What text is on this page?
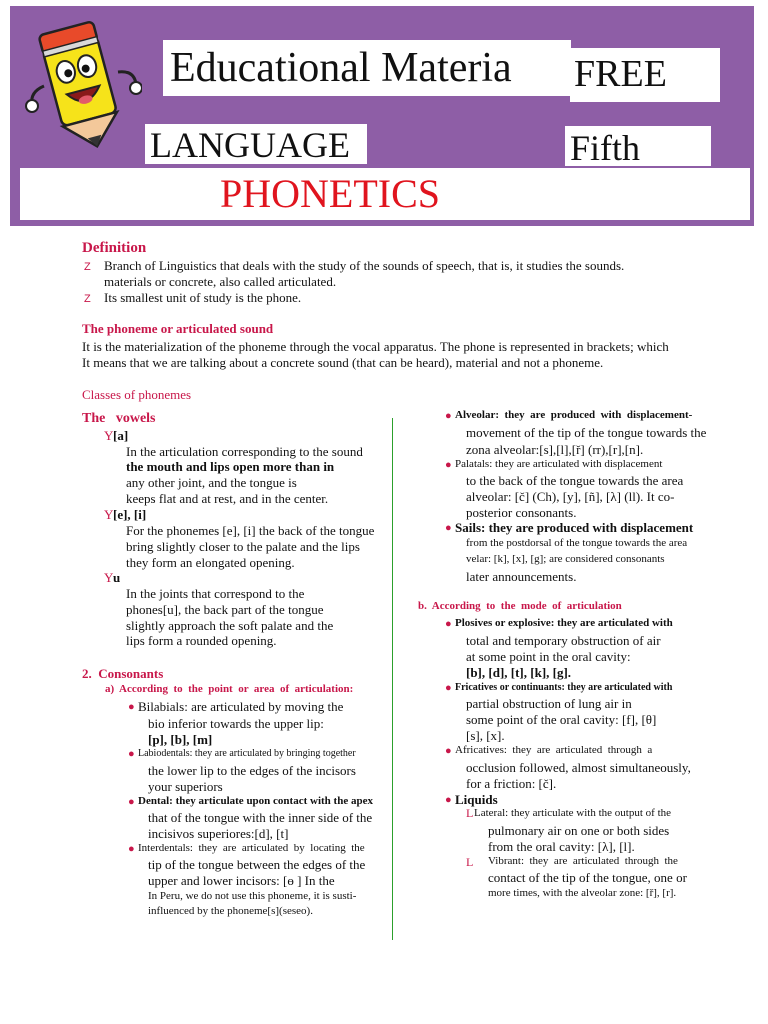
Educational Materia FREE
LANGUAGE	Fifth
PHONETICS
Definition
Z Branch of Linguistics that deals with the study of the sounds of speech, that is, it studies the sounds.
materials or concrete, also called articulated.
Z Its smallest unit of study is the phone.
The phoneme or articulated sound
It is the materialization of the phoneme through the vocal apparatus. The phone is represented in brackets; which
It means that we are talking about a concrete sound (that can be heard), material and not a phoneme.
Classes of phonemes
The   vowels
Y [a]
In the articulation corresponding to the sound
the mouth and lips open more than in
any other joint, and the tongue is
keeps flat and at rest, and in the center.
Y [e], [i]
For the phonemes [e], [i] the back of the tongue
bring slightly closer to the palate and the lips
they form an elongated opening.
Y u
In the joints that correspond to the
phones[u], the back part of the tongue
slightly approach the soft palate and the
lips form a rounded opening.
2.  Consonants
a)  According  to  the  point  or  area  of  articulation:
● Bilabials: are articulated by moving the
bio inferior towards the upper lip:
[p], [b], [m]
● Labiodentals: they are articulated by bringing together
the lower lip to the edges of the incisors
your superiors
● Dental: they articulate upon contact with the apex
that of the tongue with the inner side of the
incisivos superiores:[d], [t]
● Interdentals:  they  are  articulated  by  locating  the
tip of the tongue between the edges of the
upper and lower incisors: [ɵ ] In the
In Peru, we do not use this phoneme, it is susti-
influenced by the phoneme[s](seseo).
● Alveolar:  they  are  produced  with  displacement-
movement of the tip of the tongue towards the
zona alveolar:[s],[l],[ř] (rr),[r],[n].
● Palatals: they are articulated with displacement
to the back of the tongue towards the area
alveolar: [č] (Ch), [y], [ñ], [λ] (ll). It co-
posterior consonants.
● Sails: they are produced with displacement
from the postdorsal of the tongue towards the area
velar: [k], [x], [g]; are considered consonants
later announcements.
b.  According  to  the  mode  of  articulation
● Plosives or explosive: they are articulated with
total and temporary obstruction of air
at some point in the oral cavity:
[b], [d], [t], [k], [g].
● Fricatives or continuants: they are articulated with
partial obstruction of lung air in
some point of the oral cavity: [f], [θ]
[s], [x].
● Africatives:  they  are  articulated  through  a
occlusion followed, almost simultaneously,
for a friction: [č].
● Liquids
L Lateral: they articulate with the output of the
pulmonary air on one or both sides
from the oral cavity: [λ], [l].
L Vibrant:  they  are  articulated  through  the
contact of the tip of the tongue, one or
more times, with the alveolar zone: [ř], [r].
